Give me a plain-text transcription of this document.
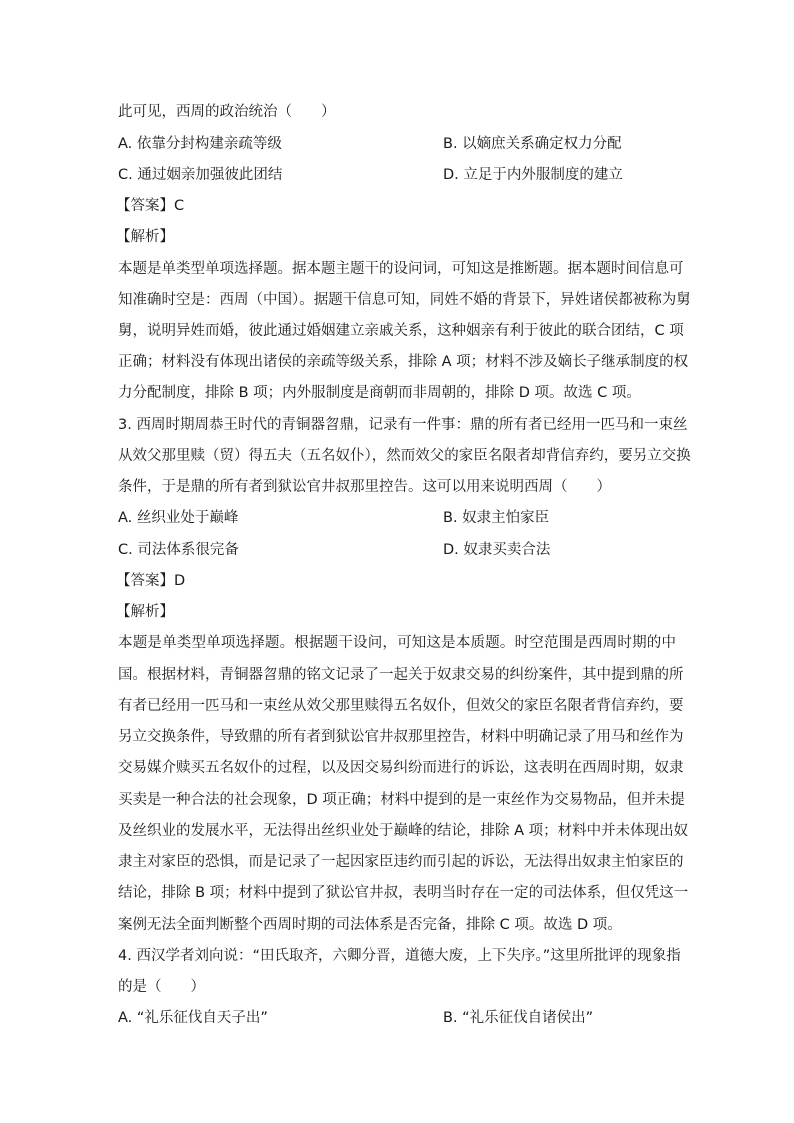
此可见，西周的政治统治（　　）
A. 依靠分封构建亲疏等级	B. 以嫡庶关系确定权力分配
C. 通过姻亲加强彼此团结	D. 立足于内外服制度的建立
【答案】C
【解析】
本题是单类型单项选择题。据本题主题干的设问词，可知这是推断题。据本题时间信息可
知准确时空是：西周（中国）。据题干信息可知，同姓不婚的背景下，异姓诸侯都被称为舅
舅，说明异姓而婚，彼此通过婚姻建立亲戚关系，这种姻亲有利于彼此的联合团结，C 项
正确；材料没有体现出诸侯的亲疏等级关系，排除 A 项；材料不涉及嫡长子继承制度的权
力分配制度，排除 B 项；内外服制度是商朝而非周朝的，排除 D 项。故选 C 项。
3. 西周时期周恭王时代的青铜器曶鼎，记录有一件事：鼎的所有者已经用一匹马和一束丝
从效父那里赎（贸）得五夫（五名奴仆），然而效父的家臣名限者却背信弃约，要另立交换
条件，于是鼎的所有者到狱讼官井叔那里控告。这可以用来说明西周（　　）
A. 丝织业处于巅峰	B. 奴隶主怕家臣
C. 司法体系很完备	D. 奴隶买卖合法
【答案】D
【解析】
本题是单类型单项选择题。根据题干设问，可知这是本质题。时空范围是西周时期的中
国。根据材料，青铜器曶鼎的铭文记录了一起关于奴隶交易的纠纷案件，其中提到鼎的所
有者已经用一匹马和一束丝从效父那里赎得五名奴仆，但效父的家臣名限者背信弃约，要
另立交换条件，导致鼎的所有者到狱讼官井叔那里控告，材料中明确记录了用马和丝作为
交易媒介赎买五名奴仆的过程，以及因交易纠纷而进行的诉讼，这表明在西周时期，奴隶
买卖是一种合法的社会现象，D 项正确；材料中提到的是一束丝作为交易物品，但并未提
及丝织业的发展水平，无法得出丝织业处于巅峰的结论，排除 A 项；材料中并未体现出奴
隶主对家臣的恐惧，而是记录了一起因家臣违约而引起的诉讼，无法得出奴隶主怕家臣的
结论，排除 B 项；材料中提到了狱讼官井叔，表明当时存在一定的司法体系，但仅凭这一
案例无法全面判断整个西周时期的司法体系是否完备，排除 C 项。故选 D 项。
4. 西汉学者刘向说：“田氏取齐，六卿分晋，道德大废，上下失序。”这里所批评的现象指
的是（　　）
A. “礼乐征伐自天子出”	B. “礼乐征伐自诸侯出”
